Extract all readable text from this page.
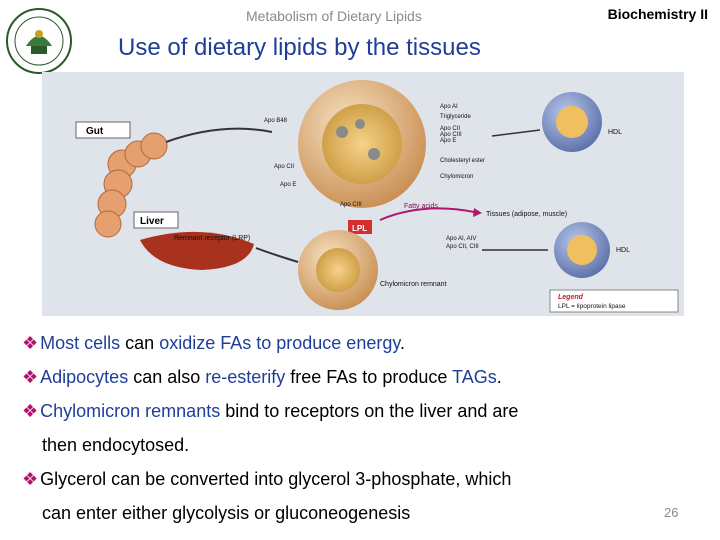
Metabolism of Dietary Lipids	Biochemistry II
Use of dietary lipids by the tissues
Gut
Liver
Remnant receptor (LRP)
Apo B48
Apo CII
Apo E
Apo AI
Triglyceride
Apo CII
Apo CIII
Apo E
Cholesteryl ester
Chylomicron
Apo CIII
HDL
LPL
Fatty acids
Tissues (adipose, muscle)
HDL
Apo AI, AIV
Apo CII, CIII
Chylomicron remnant
Legend
LPL = lipoprotein lipase
❖ Most cells can oxidize FAs to produce energy.
❖ Adipocytes can also re-esterify free FAs to produce TAGs.
❖ Chylomicron remnants bind to receptors on the liver and are
then endocytosed.
❖ Glycerol can be converted into glycerol 3-phosphate, which
can enter either glycolysis or gluconeogenesis	26
